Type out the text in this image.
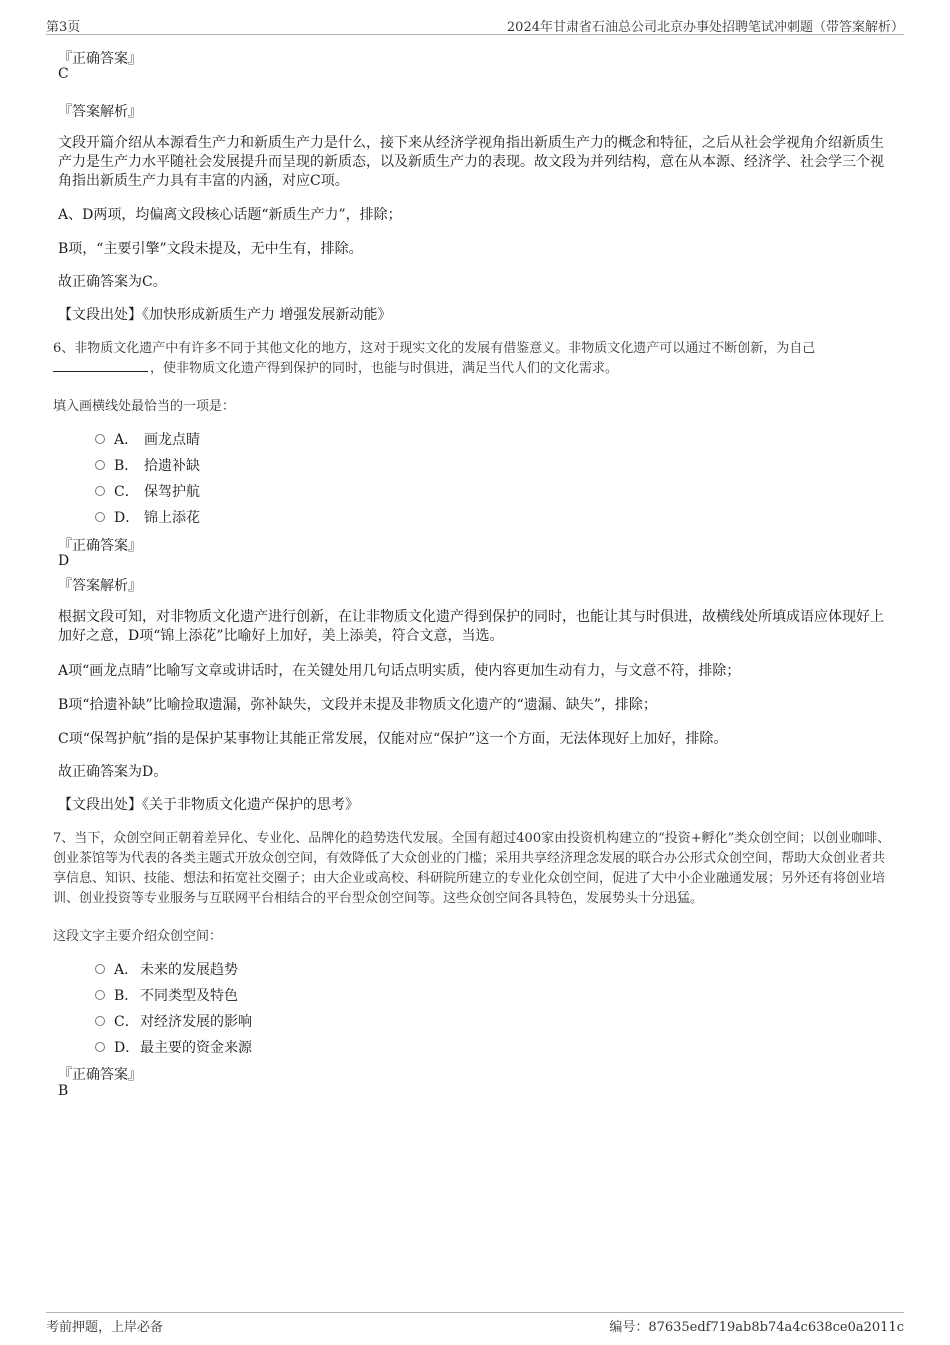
第3页	2024年甘肃省石油总公司北京办事处招聘笔试冲刺题（带答案解析）
『正确答案』
C
『答案解析』
文段开篇介绍从本源看生产力和新质生产力是什么，接下来从经济学视角指出新质生产力的概念和特征，之后从社会学视角介绍新质生产力是生产力水平随社会发展提升而呈现的新质态，以及新质生产力的表现。故文段为并列结构，意在从本源、经济学、社会学三个视角指出新质生产力具有丰富的内涵，对应C项。
A、D两项，均偏离文段核心话题“新质生产力”，排除；
B项，“主要引擎”文段未提及，无中生有，排除。
故正确答案为C。
【文段出处】《加快形成新质生产力 增强发展新动能》
6、非物质文化遗产中有许多不同于其他文化的地方，这对于现实文化的发展有借鉴意义。非物质文化遗产可以通过不断创新，为自己
，使非物质文化遗产得到保护的同时，也能与时俱进，满足当代人们的文化需求。
填入画横线处最恰当的一项是：
A． 画龙点睛
B． 拾遗补缺
C． 保驾护航
D． 锦上添花
『正确答案』
D
『答案解析』
根据文段可知，对非物质文化遗产进行创新，在让非物质文化遗产得到保护的同时，也能让其与时俱进，故横线处所填成语应体现好上加好之意，D项“锦上添花”比喻好上加好，美上添美，符合文意，当选。
A项“画龙点睛”比喻写文章或讲话时，在关键处用几句话点明实质，使内容更加生动有力，与文意不符，排除；
B项“拾遗补缺”比喻捡取遗漏，弥补缺失，文段并未提及非物质文化遗产的“遗漏、缺失”，排除；
C项“保驾护航”指的是保护某事物让其能正常发展，仅能对应“保护”这一个方面，无法体现好上加好，排除。
故正确答案为D。
【文段出处】《关于非物质文化遗产保护的思考》
7、当下，众创空间正朝着差异化、专业化、品牌化的趋势迭代发展。全国有超过400家由投资机构建立的“投资+孵化”类众创空间；以创业咖啡、创业茶馆等为代表的各类主题式开放众创空间，有效降低了大众创业的门槛；采用共享经济理念发展的联合办公形式众创空间，帮助大众创业者共享信息、知识、技能、想法和拓宽社交圈子；由大企业或高校、科研院所建立的专业化众创空间，促进了大中小企业融通发展；另外还有将创业培训、创业投资等专业服务与互联网平台相结合的平台型众创空间等。这些众创空间各具特色，发展势头十分迅猛。
这段文字主要介绍众创空间：
A． 未来的发展趋势
B． 不同类型及特色
C．对经济发展的影响
D．最主要的资金来源
『正确答案』
B
考前押题，上岸必备	编号：87635edf719ab8b74a4c638ce0a2011c
